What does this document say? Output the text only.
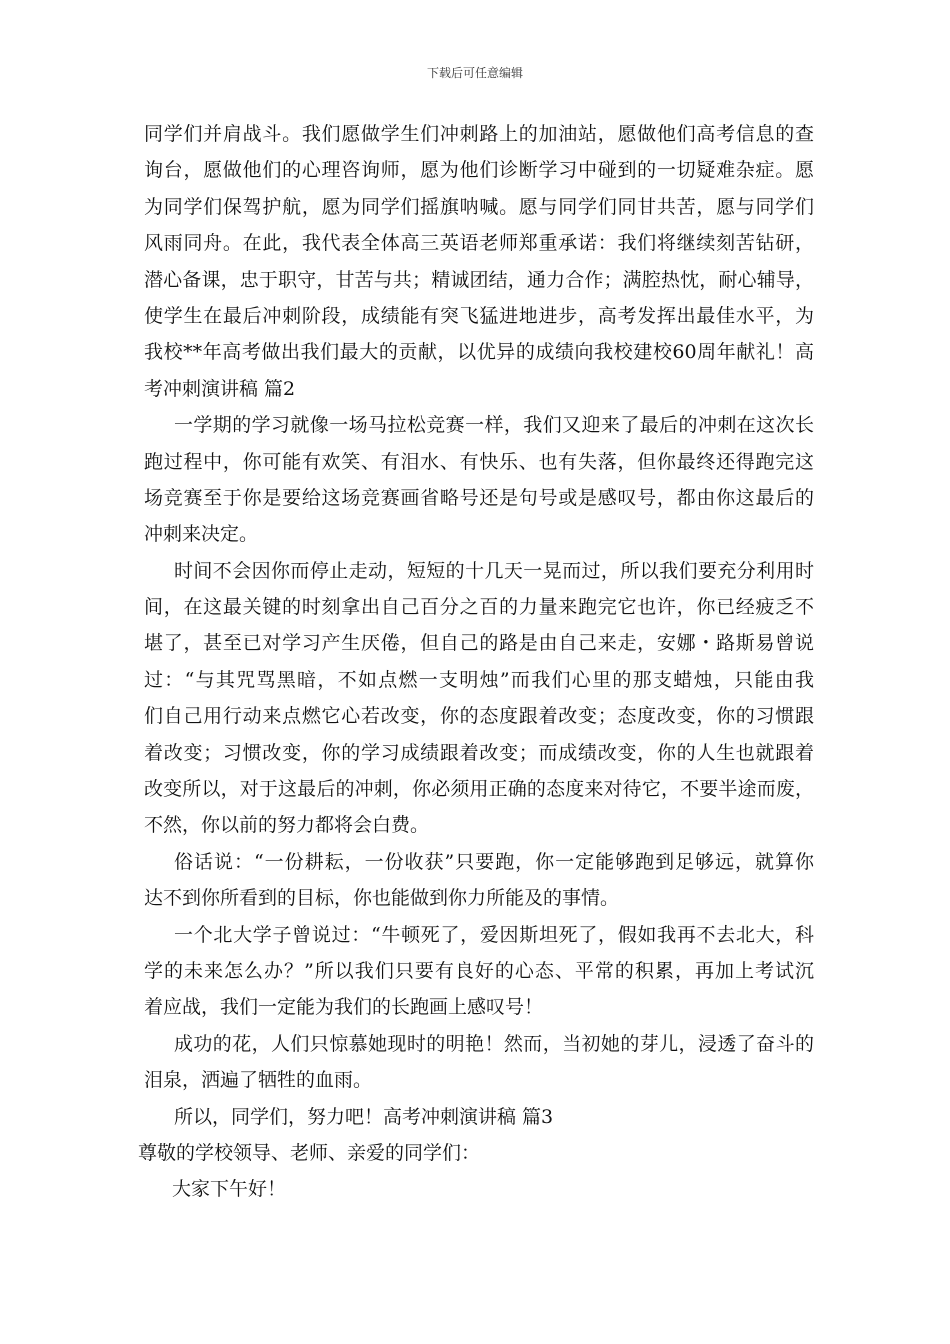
下载后可任意编辑
同学们并肩战斗。我们愿做学生们冲刺路上的加油站，愿做他们高考信息的查
询台，愿做他们的心理咨询师，愿为他们诊断学习中碰到的一切疑难杂症。愿
为同学们保驾护航，愿为同学们摇旗呐喊。愿与同学们同甘共苦，愿与同学们
风雨同舟。在此，我代表全体高三英语老师郑重承诺：我们将继续刻苦钻研，
潜心备课，忠于职守，甘苦与共；精诚团结，通力合作；满腔热忱，耐心辅导，
使学生在最后冲刺阶段，成绩能有突飞猛进地进步，高考发挥出最佳水平，为
我校**年高考做出我们最大的贡献，以优异的成绩向我校建校60周年献礼！高
考冲刺演讲稿 篇2
一学期的学习就像一场马拉松竞赛一样，我们又迎来了最后的冲刺在这次长
跑过程中，你可能有欢笑、有泪水、有快乐、也有失落，但你最终还得跑完这
场竞赛至于你是要给这场竞赛画省略号还是句号或是感叹号，都由你这最后的
冲刺来决定。
时间不会因你而停止走动，短短的十几天一晃而过，所以我们要充分利用时
间，在这最关键的时刻拿出自己百分之百的力量来跑完它也许，你已经疲乏不
堪了，甚至已对学习产生厌倦，但自己的路是由自己来走，安娜・路斯易曾说
过：“与其咒骂黑暗，不如点燃一支明烛”而我们心里的那支蜡烛，只能由我
们自己用行动来点燃它心若改变，你的态度跟着改变；态度改变，你的习惯跟
着改变；习惯改变，你的学习成绩跟着改变；而成绩改变，你的人生也就跟着
改变所以，对于这最后的冲刺，你必须用正确的态度来对待它，不要半途而废，
不然，你以前的努力都将会白费。
俗话说：“一份耕耘，一份收获”只要跑，你一定能够跑到足够远，就算你
达不到你所看到的目标，你也能做到你力所能及的事情。
一个北大学子曾说过：“牛顿死了，爱因斯坦死了，假如我再不去北大，科
学的未来怎么办？”所以我们只要有良好的心态、平常的积累，再加上考试沉
着应战，我们一定能为我们的长跑画上感叹号！
成功的花，人们只惊慕她现时的明艳！然而，当初她的芽儿，浸透了奋斗的
泪泉，洒遍了牺牲的血雨。
所以，同学们，努力吧！高考冲刺演讲稿 篇3
尊敬的学校领导、老师、亲爱的同学们：
大家下午好！
